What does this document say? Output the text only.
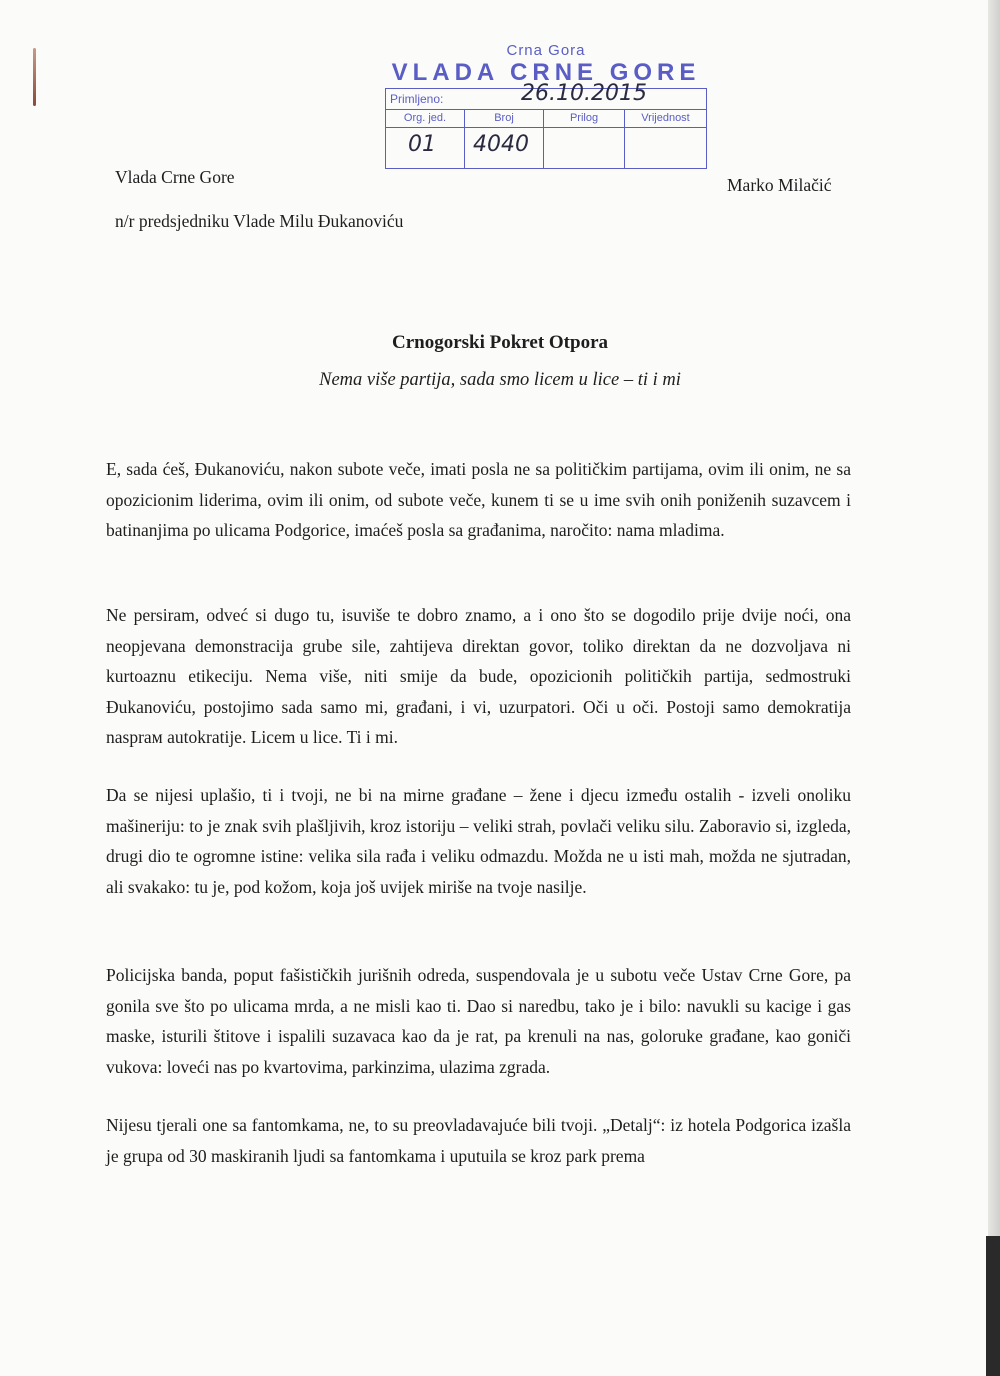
Crna Gora
VLADA CRNE GORE
Primljeno:	26.10.2015
Org. jed.	Broj	Prilog	Vrijednost
01 4040
Vlada Crne Gore
n/r predsjedniku Vlade Milu Đukanoviću
Marko Milačić
Crnogorski Pokret Otpora
Nema više partija, sada smo licem u lice – ti i mi
E, sada ćeš, Đukanoviću, nakon subote veče, imati posla ne sa političkim partijama, ovim ili onim, ne sa opozicionim liderima, ovim ili onim, od subote veče, kunem ti se u ime svih onih poniženih suzavcem i batinanjima po ulicama Podgorice, imaćeš posla sa građanima, naročito: nama mladima.
Ne persiram, odveć si dugo tu, isuviše te dobro znamo, a i ono što se dogodilo prije dvije noći, ona neopjevana demonstracija grube sile, zahtijeva direktan govor, toliko direktan da ne dozvoljava ni kurtoaznu etikeciju. Nema više, niti smije da bude, opozicionih političkih partija, sedmostruki Đukanoviću, postojimo sada samo mi, građani, i vi, uzurpatori. Oči u oči. Postoji samo demokratija nasprам autokratije. Licem u lice. Ti i mi.
Da se nijesi uplašio, ti i tvoji, ne bi na mirne građane – žene i djecu između ostalih - izveli onoliku mašineriju: to je znak svih plašljivih, kroz istoriju – veliki strah, povlači veliku silu. Zaboravio si, izgleda, drugi dio te ogromne istine: velika sila rađa i veliku odmazdu. Možda ne u isti mah, možda ne sjutradan, ali svakako: tu je, pod kožom, koja još uvijek miriše na tvoje nasilje.
Policijska banda, poput fašističkih jurišnih odreda, suspendovala je u subotu veče Ustav Crne Gore, pa gonila sve što po ulicama mrda, a ne misli kao ti. Dao si naredbu, tako je i bilo: navukli su kacige i gas maske, isturili štitove i ispalili suzavaca kao da je rat, pa krenuli na nas, goloruke građane, kao goniči vukova: loveći nas po kvartovima, parkinzima, ulazima zgrada.
Nijesu tjerali one sa fantomkama, ne, to su preovladavajuće bili tvoji. „Detalj“: iz hotela Podgorica izašla je grupa od 30 maskiranih ljudi sa fantomkama i uputuila se kroz park prema
